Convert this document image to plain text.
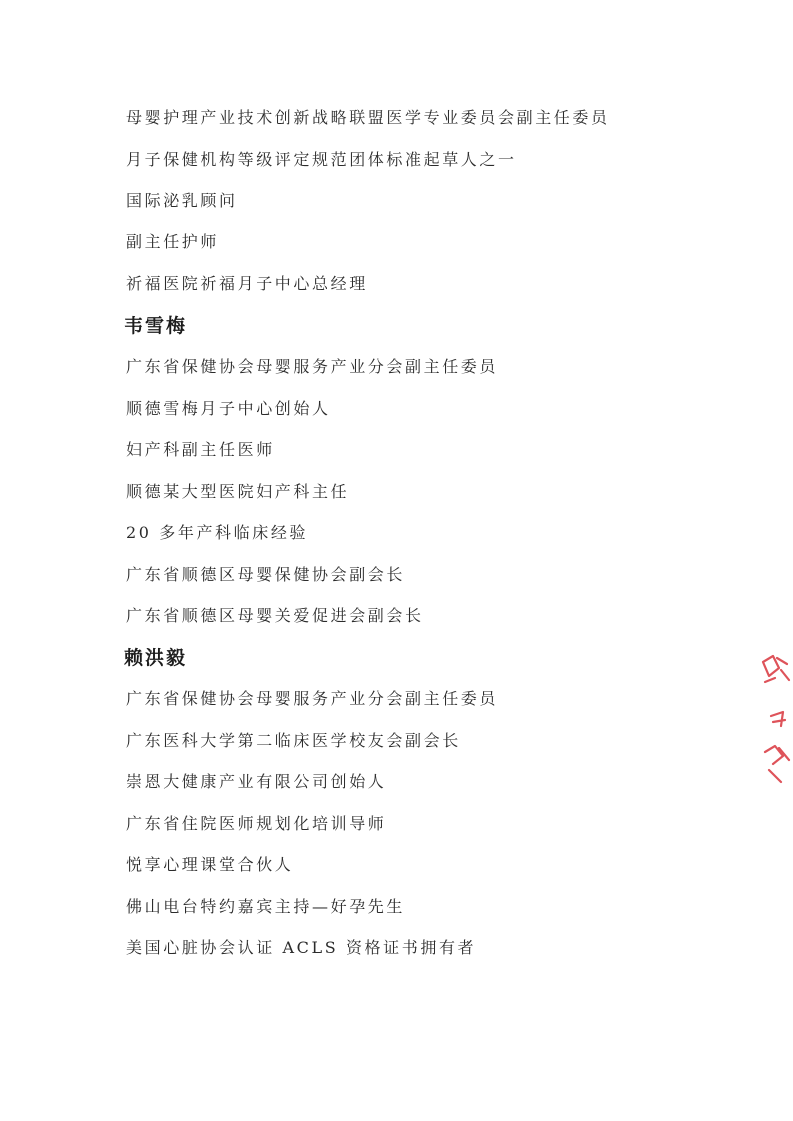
母婴护理产业技术创新战略联盟医学专业委员会副主任委员
月子保健机构等级评定规范团体标准起草人之一
国际泌乳顾问
副主任护师
祈福医院祈福月子中心总经理
韦雪梅
广东省保健协会母婴服务产业分会副主任委员
顺德雪梅月子中心创始人
妇产科副主任医师
顺德某大型医院妇产科主任
20 多年产科临床经验
广东省顺德区母婴保健协会副会长
广东省顺德区母婴关爱促进会副会长
赖洪毅
广东省保健协会母婴服务产业分会副主任委员
广东医科大学第二临床医学校友会副会长
崇恩大健康产业有限公司创始人
广东省住院医师规划化培训导师
悦享心理课堂合伙人
佛山电台特约嘉宾主持—好孕先生
美国心脏协会认证 ACLS 资格证书拥有者
